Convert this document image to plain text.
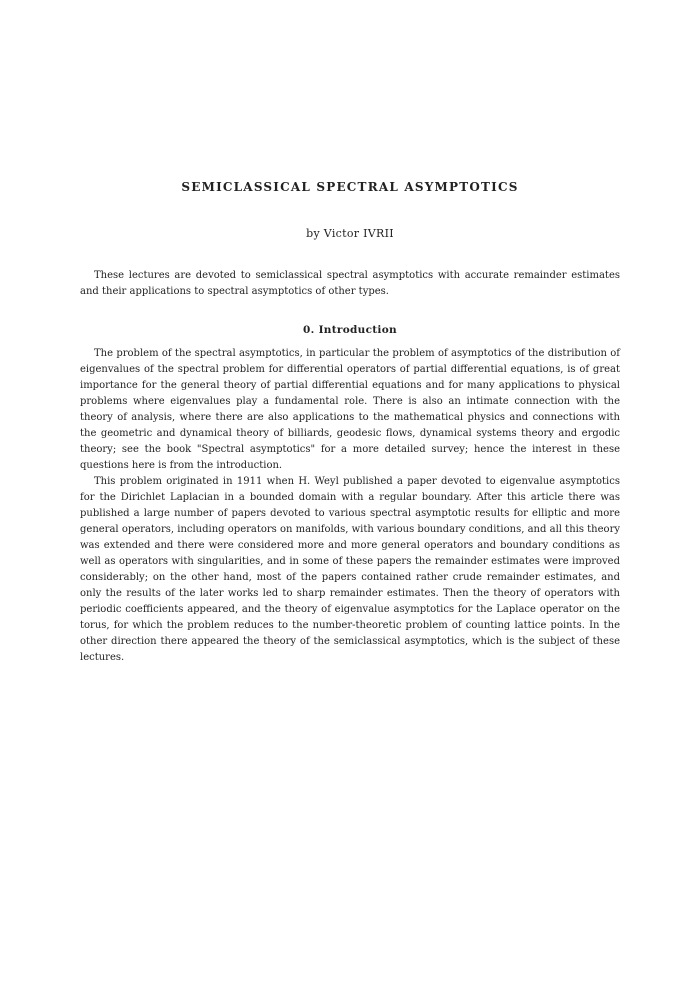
SEMICLASSICAL SPECTRAL ASYMPTOTICS
by Victor IVRII

These lectures are devoted to semiclassical spectral asymptotics with accurate remainder estimates and their applications to spectral asymptotics of other types.

0. Introduction

The problem of the spectral asymptotics, in particular the problem of asymptotics of the distribution of eigenvalues of the spectral problem for differential operators of partial differential equations, is of great importance for the general theory of partial differential equations and for many applications to physical problems where eigenvalues play a fundamental role. There is also an intimate connection with the theory of analysis, where there are also applications to the mathematical physics and connections with the geometric and dynamical theory of billiards, geodesic flows, dynamical systems theory and ergodic theory; see the book "Spectral asymptotics" for a more detailed survey; hence the interest in these questions here is from the introduction.

This problem originated in 1911 when H. Weyl published a paper devoted to eigenvalue asymptotics for the Dirichlet Laplacian in a bounded domain with a regular boundary. After this article there was published a large number of papers devoted to various spectral asymptotic results for elliptic and more general operators, including operators on manifolds, with various boundary conditions, and all this theory was extended and there were considered more and more general operators and boundary conditions as well as operators with singularities, and in some of these papers the remainder estimates were improved considerably; on the other hand, most of the papers contained rather crude remainder estimates, and only the results of the later works led to sharp remainder estimates. Then the theory of operators with periodic coefficients appeared, and the theory of eigenvalue asymptotics for the Laplace operator on the torus, for which the problem reduces to the number-theoretic problem of counting lattice points. In the other direction there appeared the theory of the semiclassical asymptotics, which is the subject of these lectures.
